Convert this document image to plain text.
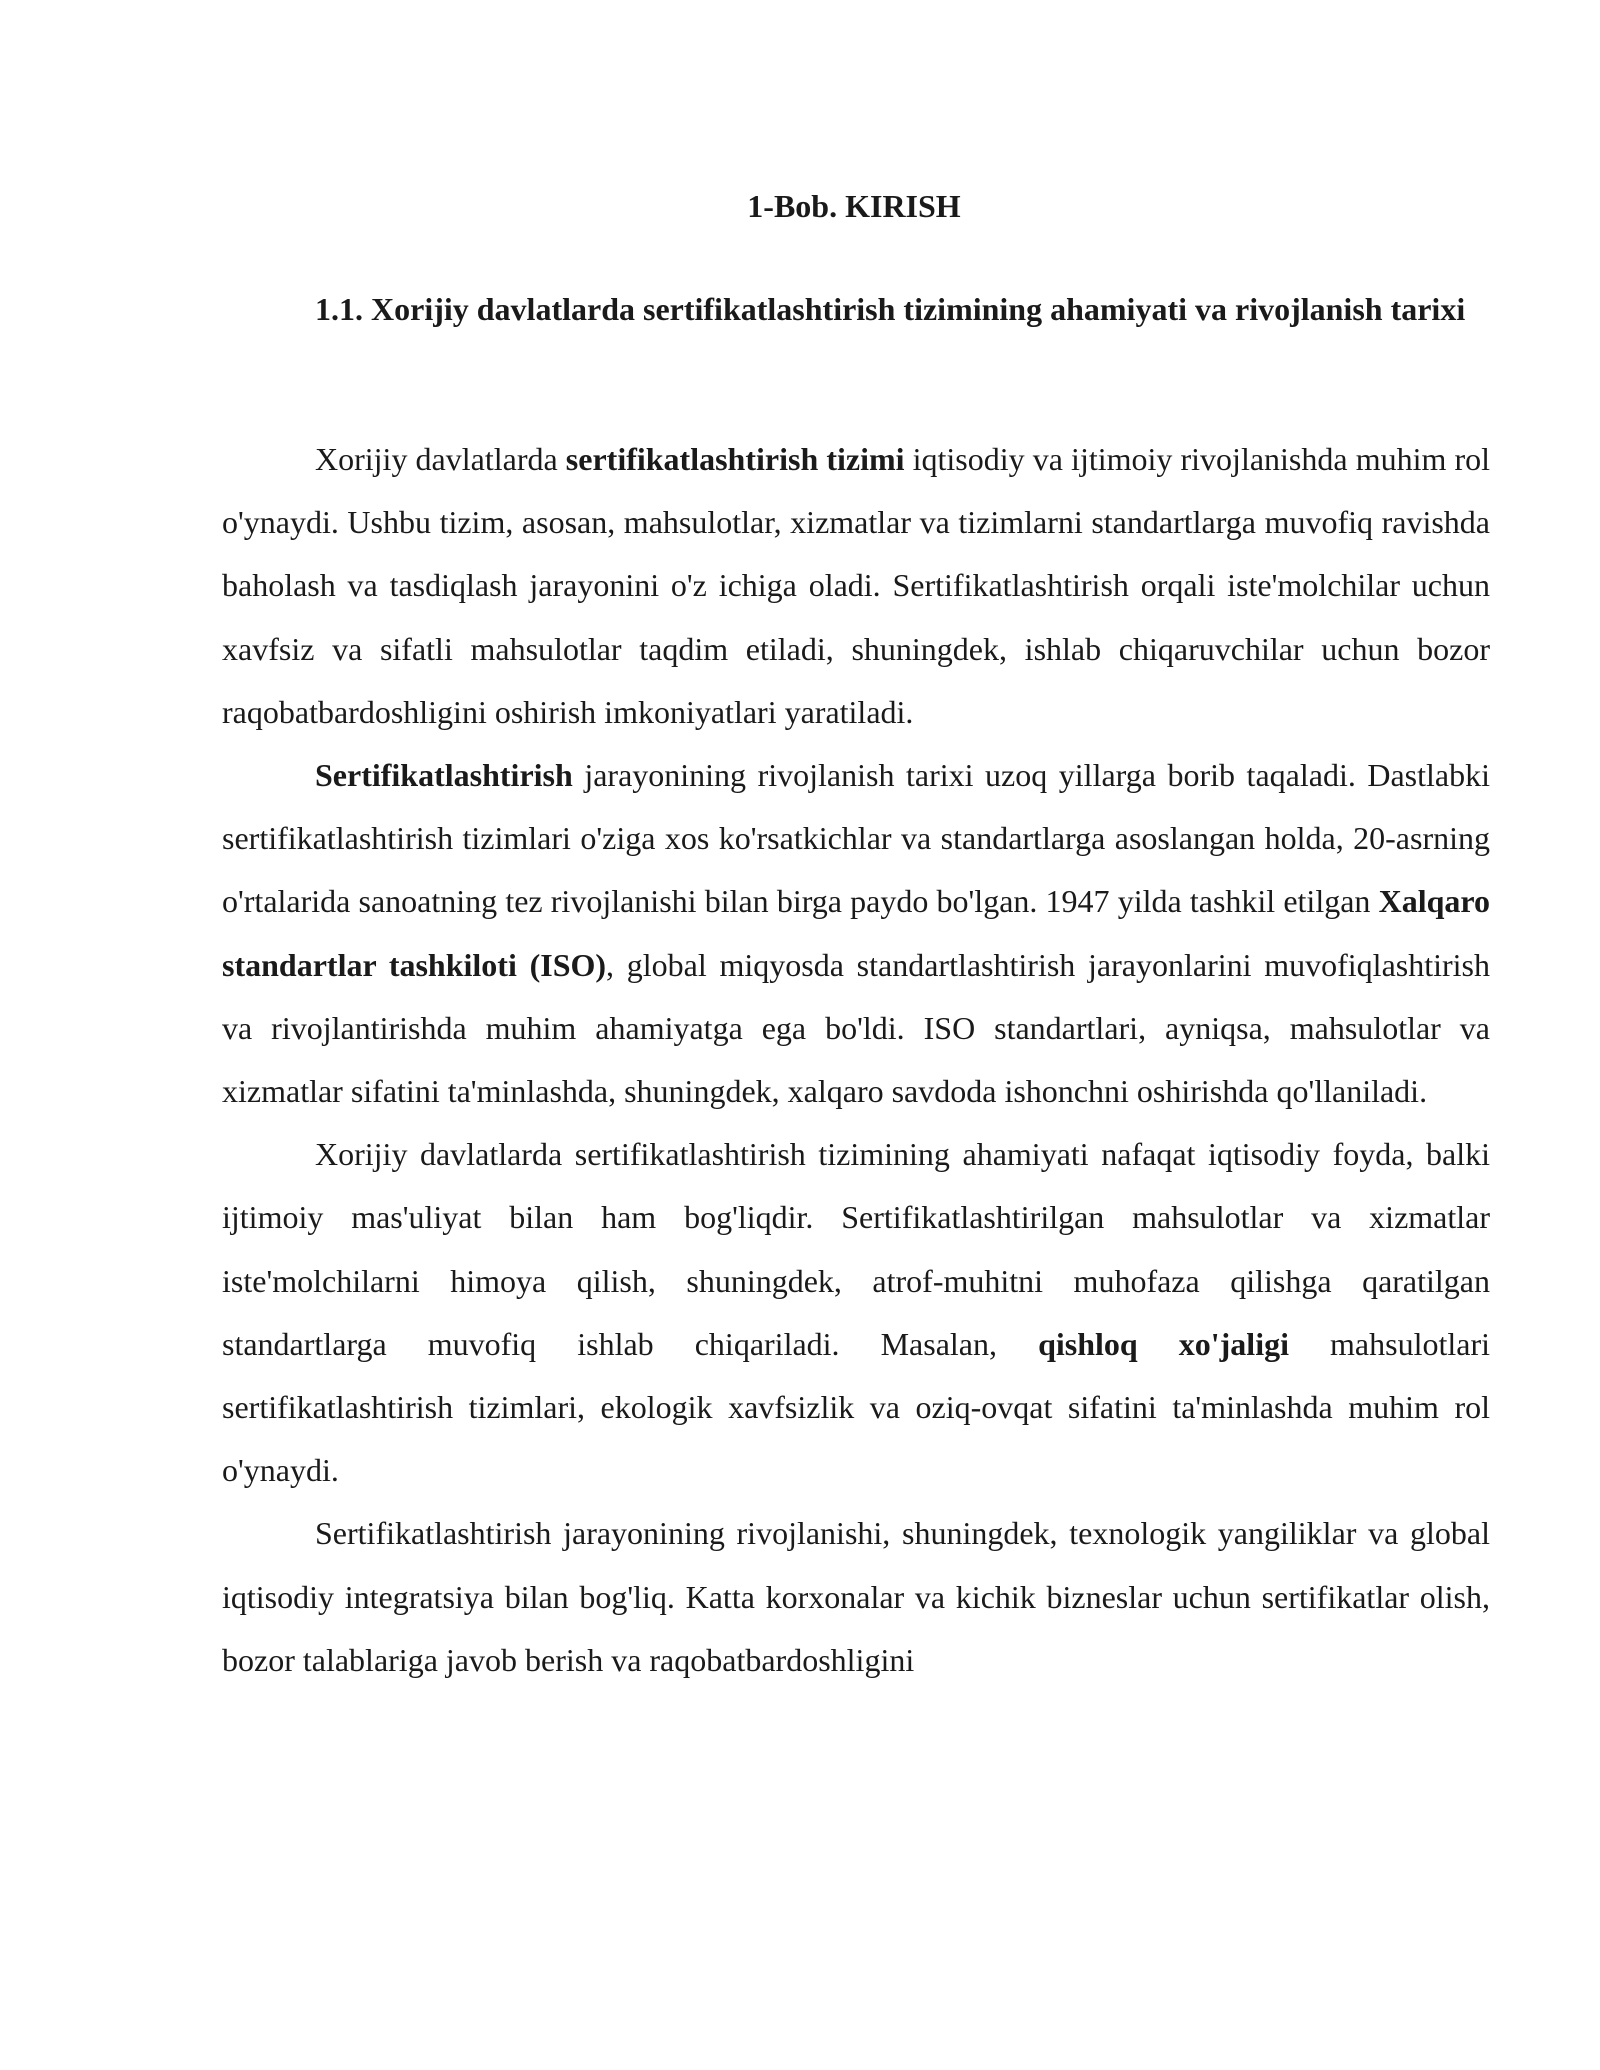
1-Bob. KIRISH
1.1. Xorijiy davlatlarda sertifikatlashtirish tizimining ahamiyati va rivojlanish tarixi

Xorijiy davlatlarda sertifikatlashtirish tizimi iqtisodiy va ijtimoiy rivojlanishda muhim rol o'ynaydi. Ushbu tizim, asosan, mahsulotlar, xizmatlar va tizimlarni standartlarga muvofiq ravishda baholash va tasdiqlash jarayonini o'z ichiga oladi. Sertifikatlashtirish orqali iste'molchilar uchun xavfsiz va sifatli mahsulotlar taqdim etiladi, shuningdek, ishlab chiqaruvchilar uchun bozor raqobatbardoshligini oshirish imkoniyatlari yaratiladi.

Sertifikatlashtirish jarayonining rivojlanish tarixi uzoq yillarga borib taqaladi. Dastlabki sertifikatlashtirish tizimlari o'ziga xos ko'rsatkichlar va standartlarga asoslangan holda, 20-asrning o'rtalarida sanoatning tez rivojlanishi bilan birga paydo bo'lgan. 1947 yilda tashkil etilgan Xalqaro standartlar tashkiloti (ISO), global miqyosda standartlashtirish jarayonlarini muvofiqlashtirish va rivojlantirishda muhim ahamiyatga ega bo'ldi. ISO standartlari, ayniqsa, mahsulotlar va xizmatlar sifatini ta'minlashda, shuningdek, xalqaro savdoda ishonchni oshirishda qo'llaniladi.

Xorijiy davlatlarda sertifikatlashtirish tizimining ahamiyati nafaqat iqtisodiy foyda, balki ijtimoiy mas'uliyat bilan ham bog'liqdir. Sertifikatlashtirilgan mahsulotlar va xizmatlar iste'molchilarni himoya qilish, shuningdek, atrof-muhitni muhofaza qilishga qaratilgan standartlarga muvofiq ishlab chiqariladi. Masalan, qishloq xo'jaligi mahsulotlari sertifikatlashtirish tizimlari, ekologik xavfsizlik va oziq-ovqat sifatini ta'minlashda muhim rol o'ynaydi.

Sertifikatlashtirish jarayonining rivojlanishi, shuningdek, texnologik yangiliklar va global iqtisodiy integratsiya bilan bog'liq. Katta korxonalar va kichik bizneslar uchun sertifikatlar olish, bozor talablariga javob berish va raqobatbardoshligini
